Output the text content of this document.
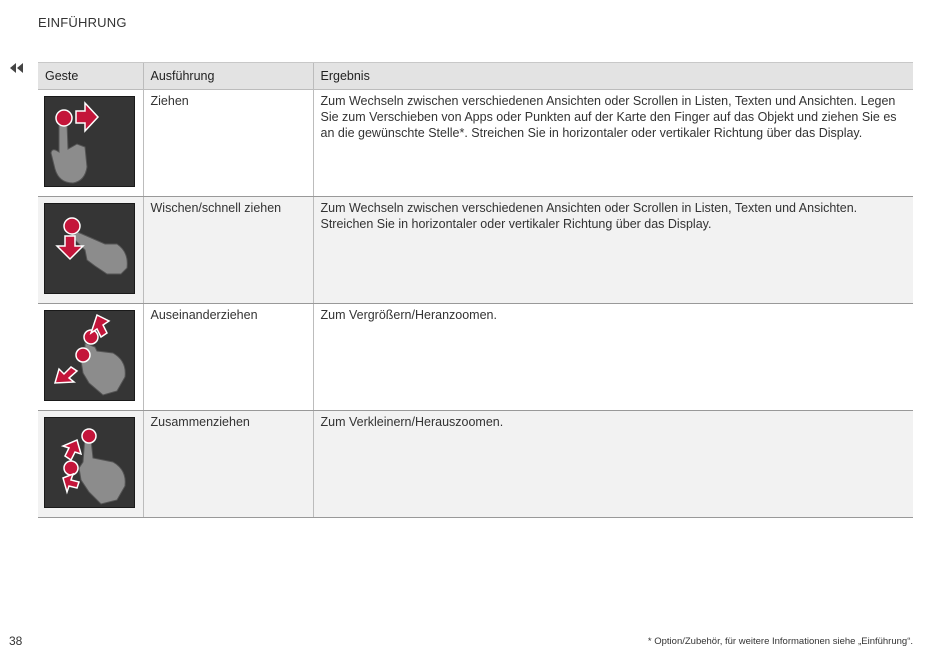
EINFÜHRUNG
Geste	Ausführung	Ergebnis

	Ziehen	Zum Wechseln zwischen verschiedenen Ansichten oder Scrollen in Listen, Texten und Ansichten. Legen Sie zum Verschieben von Apps oder Punkten auf der Karte den Finger auf das Objekt und ziehen Sie es an die gewünschte Stelle*. Streichen Sie in horizontaler oder vertikaler Richtung über das Display.

	Wischen/schnell ziehen	Zum Wechseln zwischen verschiedenen Ansichten oder Scrollen in Listen, Texten und Ansichten. Streichen Sie in horizontaler oder vertikaler Richtung über das Display.

	Auseinanderziehen	Zum Vergrößern/Heranzoomen.

	Zusammenziehen	Zum Verkleinern/Herauszoomen.
38	* Option/Zubehör, für weitere Informationen siehe „Einführung“.
